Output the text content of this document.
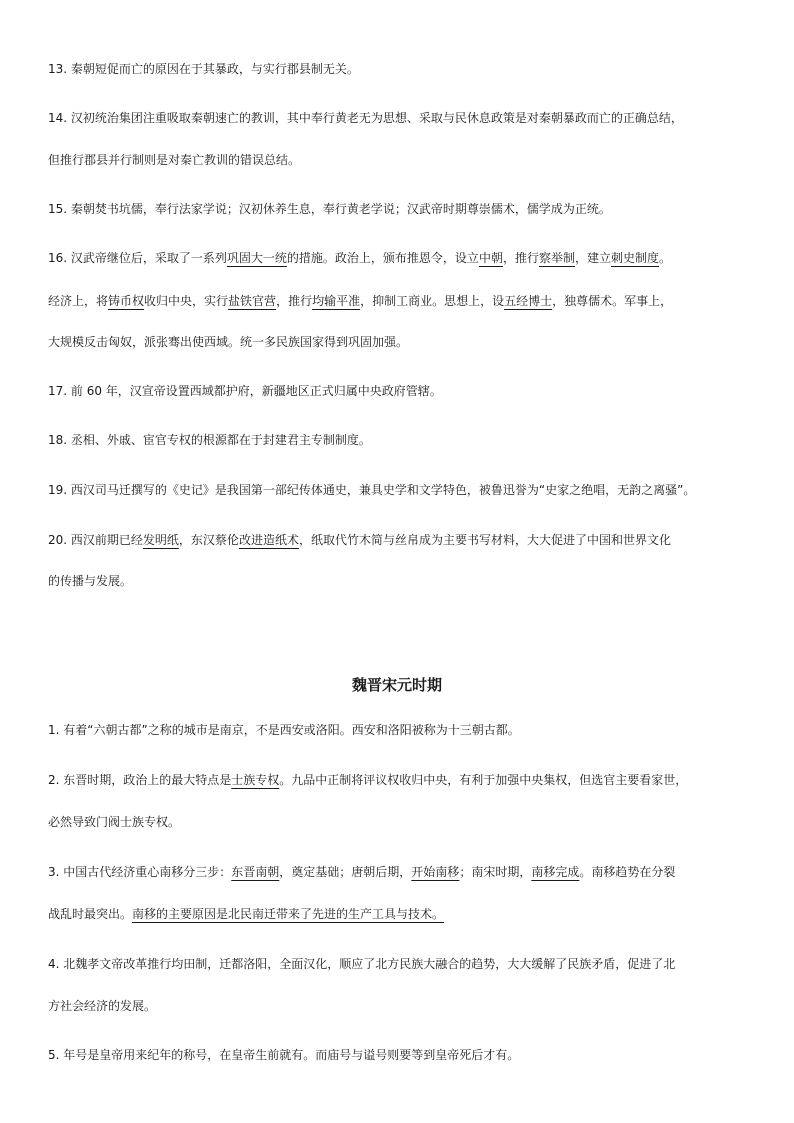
13. 秦朝短促而亡的原因在于其暴政，与实行郡县制无关。
14. 汉初统治集团注重吸取秦朝速亡的教训，其中奉行黄老无为思想、采取与民休息政策是对秦朝暴政而亡的正确总结，
但推行郡县并行制则是对秦亡教训的错误总结。
15. 秦朝焚书坑儒，奉行法家学说；汉初休养生息，奉行黄老学说；汉武帝时期尊崇儒术，儒学成为正统。
16. 汉武帝继位后，采取了一系列巩固大一统的措施。政治上，颁布推恩令，设立中朝，推行察举制，建立刺史制度。
经济上，将铸币权收归中央，实行盐铁官营，推行均输平准，抑制工商业。思想上，设五经博士，独尊儒术。军事上，
大规模反击匈奴，派张骞出使西域。统一多民族国家得到巩固加强。
17. 前 60 年，汉宣帝设置西域都护府，新疆地区正式归属中央政府管辖。
18. 丞相、外戚、宦官专权的根源都在于封建君主专制制度。
19. 西汉司马迁撰写的《史记》是我国第一部纪传体通史，兼具史学和文学特色，被鲁迅誉为“史家之绝唱，无韵之离骚”。
20. 西汉前期已经发明纸，东汉蔡伦改进造纸术，纸取代竹木简与丝帛成为主要书写材料，大大促进了中国和世界文化
的传播与发展。
魏晋宋元时期
1. 有着“六朝古都”之称的城市是南京，不是西安或洛阳。西安和洛阳被称为十三朝古都。
2. 东晋时期，政治上的最大特点是士族专权。九品中正制将评议权收归中央，有利于加强中央集权，但选官主要看家世，
必然导致门阀士族专权。
3. 中国古代经济重心南移分三步：东晋南朝，奠定基础；唐朝后期，开始南移；南宋时期，南移完成。南移趋势在分裂
战乱时最突出。南移的主要原因是北民南迁带来了先进的生产工具与技术。
4. 北魏孝文帝改革推行均田制，迁都洛阳，全面汉化，顺应了北方民族大融合的趋势，大大缓解了民族矛盾，促进了北
方社会经济的发展。
5. 年号是皇帝用来纪年的称号，在皇帝生前就有。而庙号与谥号则要等到皇帝死后才有。
